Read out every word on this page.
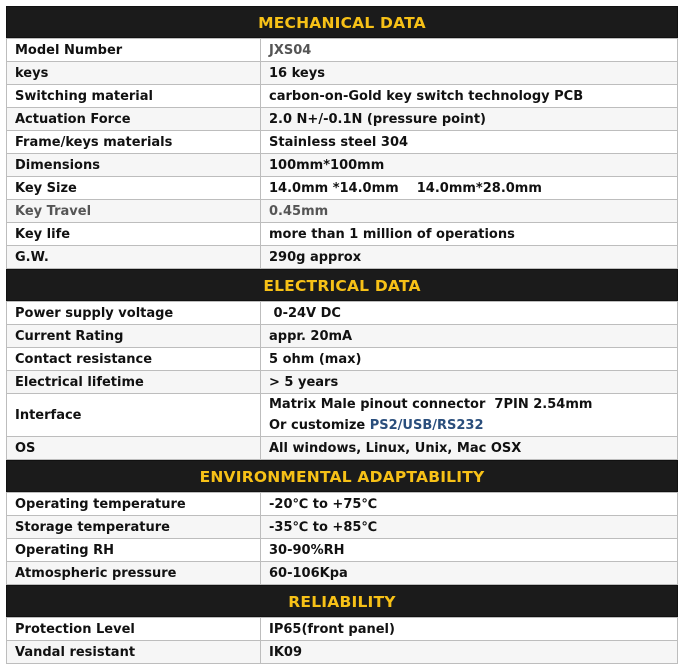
MECHANICAL DATA
Model Number	JXS04
keys	16 keys
Switching material	carbon-on-Gold key switch technology PCB
Actuation Force	2.0 N+/-0.1N (pressure point)
Frame/keys materials	Stainless steel 304
Dimensions	100mm*100mm
Key Size	14.0mm *14.0mm    14.0mm*28.0mm
Key Travel	0.45mm
Key life	more than 1 million of operations
G.W.	290g approx
ELECTRICAL DATA
Power supply voltage	0-24V DC
Current Rating	appr. 20mA
Contact resistance	5 ohm (max)
Electrical lifetime	> 5 years
Interface	Matrix Male pinout connector  7PIN 2.54mm
Or customize PS2/USB/RS232

OS	All windows, Linux, Unix, Mac OSX
ENVIRONMENTAL ADAPTABILITY
Operating temperature	-20℃ to +75℃
Storage temperature	-35℃ to +85℃
Operating RH	30-90%RH
Atmospheric pressure	60-106Kpa
RELIABILITY
Protection Level	IP65(front panel)
Vandal resistant	IK09
